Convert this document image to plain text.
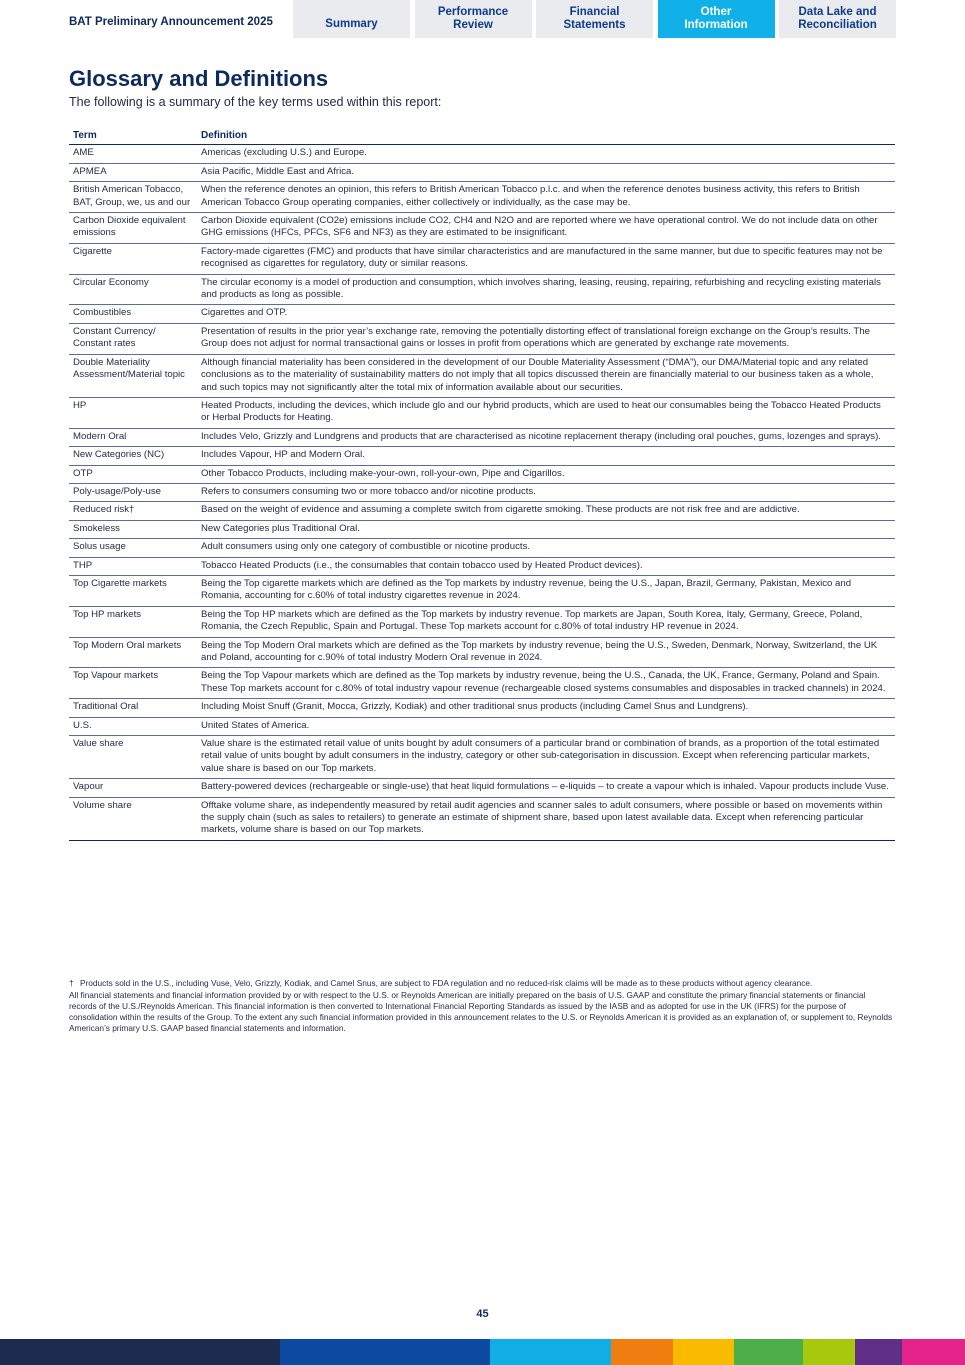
BAT Preliminary Announcement 2025	Summary
Performance
Review
Financial
Statements
Other
Information
Data Lake and
Reconciliation
Glossary and Definitions
The following is a summary of the key terms used within this report:
Term	Definition
AME	Americas (excluding U.S.) and Europe.
APMEA	Asia Pacific, Middle East and Africa.
British American Tobacco, BAT, Group, we, us and our	When the reference denotes an opinion, this refers to British American Tobacco p.l.c. and when the reference denotes business activity, this refers to British American Tobacco Group operating companies, either collectively or individually, as the case may be.
Carbon Dioxide equivalent emissions	Carbon Dioxide equivalent (CO2e) emissions include CO2, CH4 and N2O and are reported where we have operational control. We do not include data on other GHG emissions (HFCs, PFCs, SF6 and NF3) as they are estimated to be insignificant.
Cigarette	Factory-made cigarettes (FMC) and products that have similar characteristics and are manufactured in the same manner, but due to specific features may not be recognised as cigarettes for regulatory, duty or similar reasons.
Circular Economy	The circular economy is a model of production and consumption, which involves sharing, leasing, reusing, repairing, refurbishing and recycling existing materials and products as long as possible.
Combustibles	Cigarettes and OTP.
Constant Currency/ Constant rates	Presentation of results in the prior year’s exchange rate, removing the potentially distorting effect of translational foreign exchange on the Group’s results. The Group does not adjust for normal transactional gains or losses in profit from operations which are generated by exchange rate movements.
Double Materiality Assessment/Material topic	Although financial materiality has been considered in the development of our Double Materiality Assessment (“DMA”), our DMA/Material topic and any related conclusions as to the materiality of sustainability matters do not imply that all topics discussed therein are financially material to our business taken as a whole, and such topics may not significantly alter the total mix of information available about our securities.
HP	Heated Products, including the devices, which include glo and our hybrid products, which are used to heat our consumables being the Tobacco Heated Products or Herbal Products for Heating.
Modern Oral	Includes Velo, Grizzly and Lundgrens and products that are characterised as nicotine replacement therapy (including oral pouches, gums, lozenges and sprays).
New Categories (NC)	Includes Vapour, HP and Modern Oral.
OTP	Other Tobacco Products, including make-your-own, roll-your-own, Pipe and Cigarillos.
Poly-usage/Poly-use	Refers to consumers consuming two or more tobacco and/or nicotine products.
Reduced risk†	Based on the weight of evidence and assuming a complete switch from cigarette smoking. These products are not risk free and are addictive.
Smokeless	New Categories plus Traditional Oral.
Solus usage	Adult consumers using only one category of combustible or nicotine products.
THP	Tobacco Heated Products (i.e., the consumables that contain tobacco used by Heated Product devices).
Top Cigarette markets	Being the Top cigarette markets which are defined as the Top markets by industry revenue, being the U.S., Japan, Brazil, Germany, Pakistan, Mexico and Romania, accounting for c.60% of total industry cigarettes revenue in 2024.
Top HP markets	Being the Top HP markets which are defined as the Top markets by industry revenue. Top markets are Japan, South Korea, Italy, Germany, Greece, Poland, Romania, the Czech Republic, Spain and Portugal. These Top markets account for c.80% of total industry HP revenue in 2024.
Top Modern Oral markets	Being the Top Modern Oral markets which are defined as the Top markets by industry revenue, being the U.S., Sweden, Denmark, Norway, Switzerland, the UK and Poland, accounting for c.90% of total industry Modern Oral revenue in 2024.
Top Vapour markets	Being the Top Vapour markets which are defined as the Top markets by industry revenue, being the U.S., Canada, the UK, France, Germany, Poland and Spain. These Top markets account for c.80% of total industry vapour revenue (rechargeable closed systems consumables and disposables in tracked channels) in 2024.
Traditional Oral	Including Moist Snuff (Granit, Mocca, Grizzly, Kodiak) and other traditional snus products (including Camel Snus and Lundgrens).
U.S.	United States of America.
Value share	Value share is the estimated retail value of units bought by adult consumers of a particular brand or combination of brands, as a proportion of the total estimated retail value of units bought by adult consumers in the industry, category or other sub-categorisation in discussion. Except when referencing particular markets, value share is based on our Top markets.
Vapour	Battery-powered devices (rechargeable or single-use) that heat liquid formulations – e-liquids – to create a vapour which is inhaled. Vapour products include Vuse.
Volume share	Offtake volume share, as independently measured by retail audit agencies and scanner sales to adult consumers, where possible or based on movements within the supply chain (such as sales to retailers) to generate an estimate of shipment share, based upon latest available data. Except when referencing particular markets, volume share is based on our Top markets.
† Products sold in the U.S., including Vuse, Velo, Grizzly, Kodiak, and Camel Snus, are subject to FDA regulation and no reduced-risk claims will be made as to these products without agency clearance.
All financial statements and financial information provided by or with respect to the U.S. or Reynolds American are initially prepared on the basis of U.S. GAAP and constitute the primary financial statements or financial records of the U.S./Reynolds American. This financial information is then converted to International Financial Reporting Standards as issued by the IASB and as adopted for use in the UK (IFRS) for the purpose of consolidation within the results of the Group. To the extent any such financial information provided in this announcement relates to the U.S. or Reynolds American it is provided as an explanation of, or supplement to, Reynolds American’s primary U.S. GAAP based financial statements and information.
45
